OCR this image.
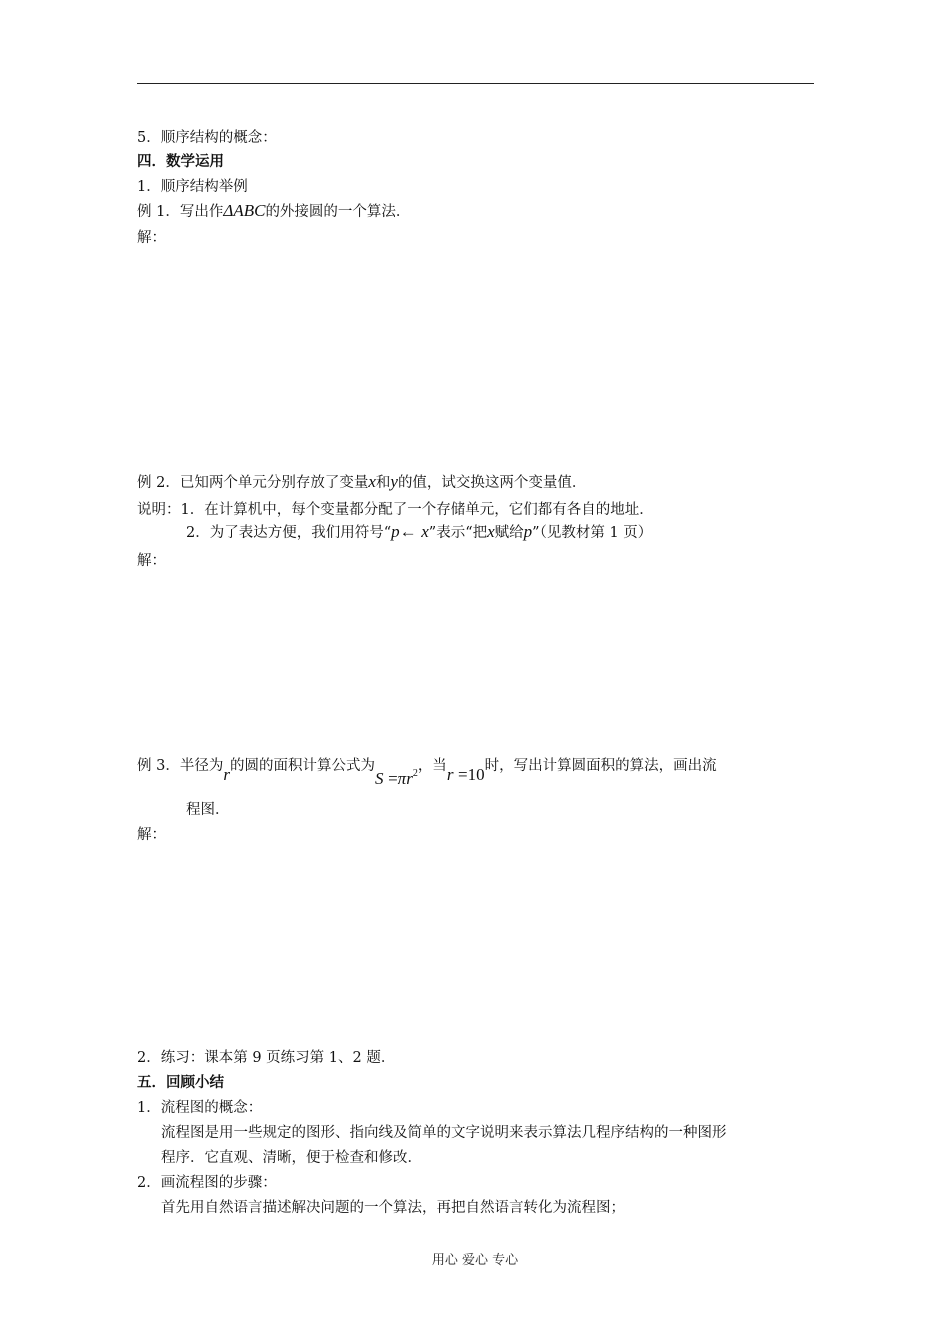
5．顺序结构的概念：
四．数学运用
1．顺序结构举例
例 1．写出作ΔABC的外接圆的一个算法．
解：
例 2．已知两个单元分别存放了变量x和y的值，试交换这两个变量值．
说明：1．在计算机中，每个变量都分配了一个存储单元，它们都有各自的地址．
2．为了表达方便，我们用符号“p← x”表示“把x赋给p”（见教材第 1 页）
解：
例 3．半径为r的圆的面积计算公式为$S =\pi r^2$，当r =10时，写出计算圆面积的算法，画出流
程图．
解：
2．练习：课本第 9 页练习第 1、2 题．
五．回顾小结
1．流程图的概念：
流程图是用一些规定的图形、指向线及简单的文字说明来表示算法几程序结构的一种图形
程序．它直观、清晰，便于检查和修改．
2．画流程图的步骤：
首先用自然语言描述解决问题的一个算法，再把自然语言转化为流程图；
用心 爱心 专心
